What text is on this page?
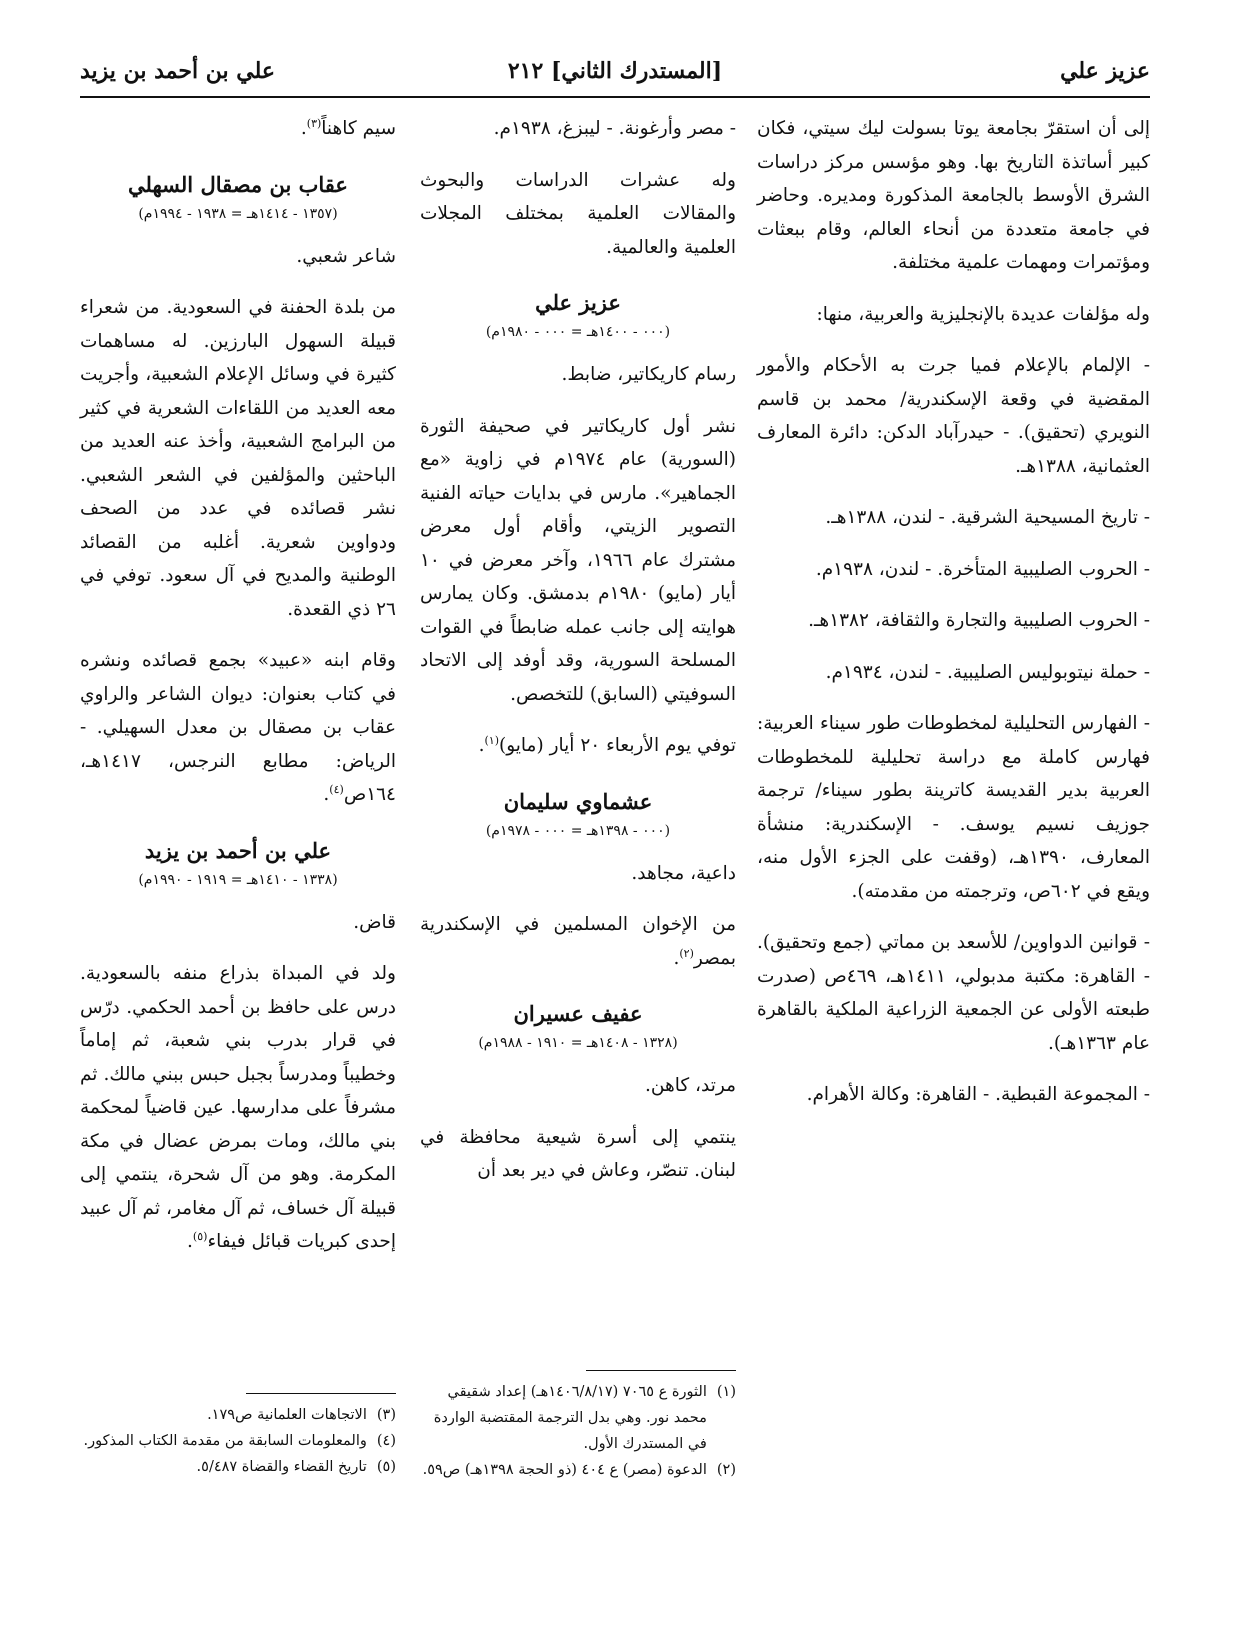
عزيز علي
[المستدرك الثاني] ٢١٢
علي بن أحمد بن يزيد

إلى أن استقرّ بجامعة يوتا بسولت ليك سيتي، فكان كبير أساتذة التاريخ بها. وهو مؤسس مركز دراسات الشرق الأوسط بالجامعة المذكورة ومديره. وحاضر في جامعة متعددة من أنحاء العالم، وقام ببعثات ومؤتمرات ومهمات علمية مختلفة.

وله مؤلفات عديدة بالإنجليزية والعربية، منها:

- الإلمام بالإعلام فميا جرت به الأحكام والأمور المقضية في وقعة الإسكندرية/ محمد بن قاسم النويري (تحقيق). - حيدرآباد الدكن: دائرة المعارف العثمانية، ١٣٨٨هـ.

- تاريخ المسيحية الشرقية. - لندن، ١٣٨٨هـ.

- الحروب الصليبية المتأخرة. - لندن، ١٩٣٨م.

- الحروب الصليبية والتجارة والثقافة، ١٣٨٢هـ.

- حملة نيتوبوليس الصليبية. - لندن، ١٩٣٤م.

- الفهارس التحليلية لمخطوطات طور سيناء العربية: فهارس كاملة مع دراسة تحليلية للمخطوطات العربية بدير القديسة كاترينة بطور سيناء/ ترجمة جوزيف نسيم يوسف. - الإسكندرية: منشأة المعارف، ١٣٩٠هـ، (وقفت على الجزء الأول منه، ويقع في ٦٠٢ص، وترجمته من مقدمته).

- قوانين الدواوين/ للأسعد بن مماتي (جمع وتحقيق). - القاهرة: مكتبة مدبولي، ١٤١١هـ، ٤٦٩ص (صدرت طبعته الأولى عن الجمعية الزراعية الملكية بالقاهرة عام ١٣٦٣هـ).

- المجموعة القبطية. - القاهرة: وكالة الأهرام.

- مصر وأرغونة. - ليبزغ، ١٩٣٨م.

وله عشرات الدراسات والبحوث والمقالات العلمية بمختلف المجلات العلمية والعالمية.

عزيز علي
(٠٠٠ - ١٤٠٠هـ = ٠٠٠ - ١٩٨٠م)

رسام كاريكاتير، ضابط.

نشر أول كاريكاتير في صحيفة الثورة (السورية) عام ١٩٧٤م في زاوية «مع الجماهير». مارس في بدايات حياته الفنية التصوير الزيتي، وأقام أول معرض مشترك عام ١٩٦٦، وآخر معرض في ١٠ أيار (مايو) ١٩٨٠م بدمشق. وكان يمارس هوايته إلى جانب عمله ضابطاً في القوات المسلحة السورية، وقد أوفد إلى الاتحاد السوفيتي (السابق) للتخصص.

توفي يوم الأربعاء ٢٠ أيار (مايو)$^{(١)}$.

عشماوي سليمان
(٠٠٠ - ١٣٩٨هـ = ٠٠٠ - ١٩٧٨م)

داعية، مجاهد.

من الإخوان المسلمين في الإسكندرية بمصر$^{(٢)}$.

عفيف عسيران
(١٣٢٨ - ١٤٠٨هـ = ١٩١٠ - ١٩٨٨م)

مرتد، كاهن.

ينتمي إلى أسرة شيعية محافظة في لبنان. تنصّر، وعاش في دير بعد أن

(١)
الثورة ع ٧٠٦٥ (١٤٠٦/٨/١٧هـ) إعداد شقيقي محمد نور. وهي بدل الترجمة المقتضبة الواردة في المستدرك الأول.
(٢)
الدعوة (مصر) ع ٤٠٤ (ذو الحجة ١٣٩٨هـ) ص٥٩.

سيم كاهناً$^{(٣)}$.

عقاب بن مصقال السهلي
(١٣٥٧ - ١٤١٤هـ = ١٩٣٨ - ١٩٩٤م)

شاعر شعبي.

من بلدة الحفنة في السعودية. من شعراء قبيلة السهول البارزين. له مساهمات كثيرة في وسائل الإعلام الشعبية، وأجريت معه العديد من اللقاءات الشعرية في كثير من البرامج الشعبية، وأخذ عنه العديد من الباحثين والمؤلفين في الشعر الشعبي. نشر قصائده في عدد من الصحف ودواوين شعرية. أغلبه من القصائد الوطنية والمديح في آل سعود. توفي في ٢٦ ذي القعدة.

وقام ابنه «عبيد» بجمع قصائده ونشره في كتاب بعنوان: ديوان الشاعر والراوي عقاب بن مصقال بن معدل السهيلي. - الرياض: مطابع النرجس، ١٤١٧هـ، ١٦٤ص$^{(٤)}$.

علي بن أحمد بن يزيد
(١٣٣٨ - ١٤١٠هـ = ١٩١٩ - ١٩٩٠م)

قاض.

ولد في المبداة بذراع منفه بالسعودية. درس على حافظ بن أحمد الحكمي. درّس في قرار بدرب بني شعبة، ثم إماماً وخطيباً ومدرساً بجبل حبس ببني مالك. ثم مشرفاً على مدارسها. عين قاضياً لمحكمة بني مالك، ومات بمرض عضال في مكة المكرمة. وهو من آل شحرة، ينتمي إلى قبيلة آل خساف، ثم آل مغامر، ثم آل عبيد إحدى كبريات قبائل فيفاء$^{(٥)}$.

(٣)
الاتجاهات العلمانية ص١٧٩.
(٤)
والمعلومات السابقة من مقدمة الكتاب المذكور.
(٥)
تاريخ القضاء والقضاة ٥/٤٨٧.
